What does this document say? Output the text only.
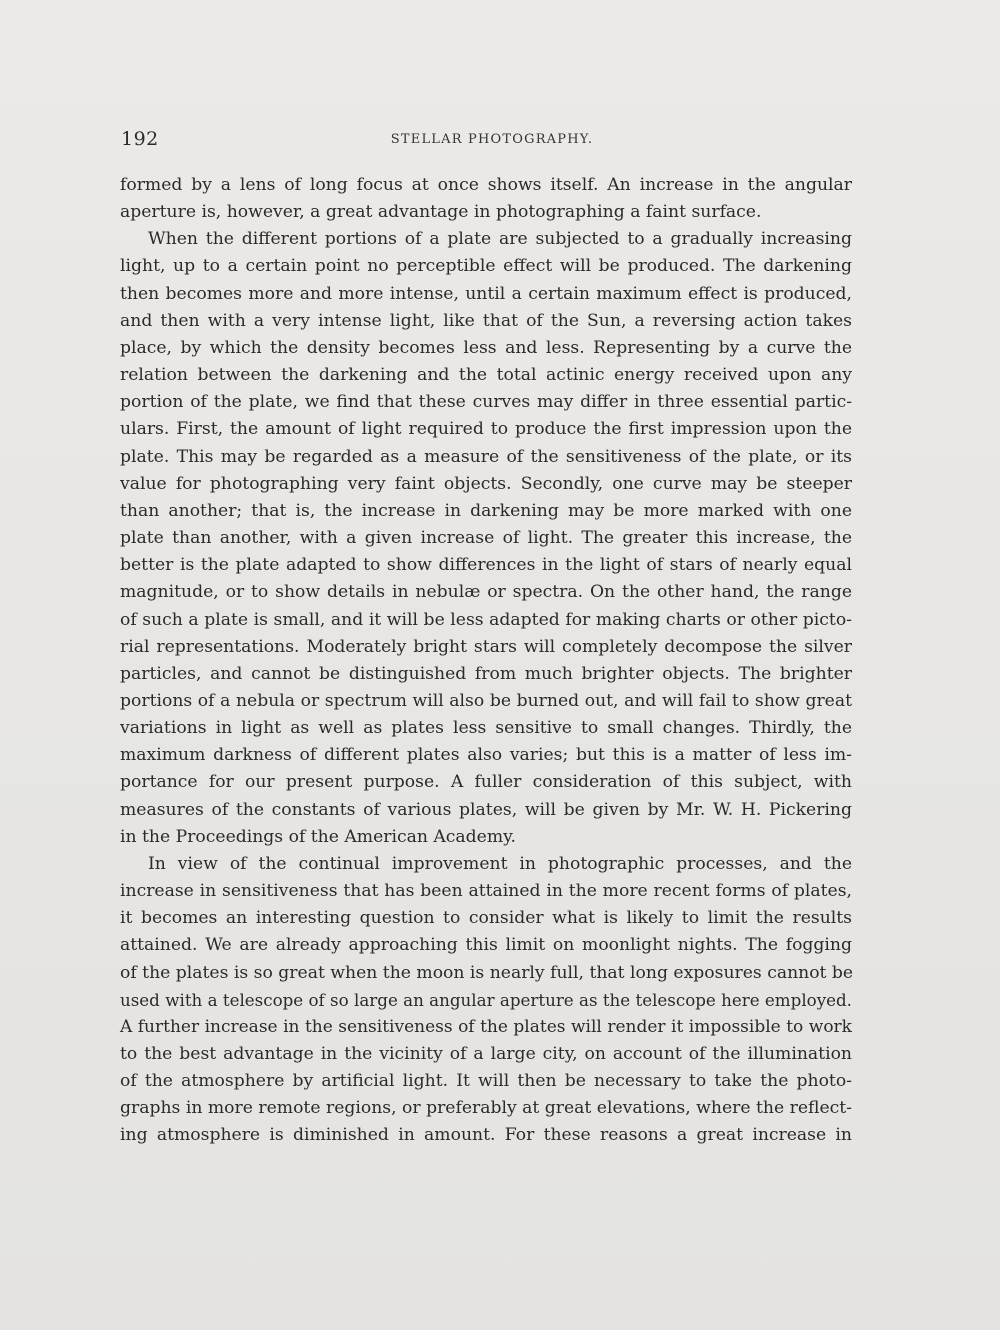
192	STELLAR PHOTOGRAPHY.

formed by a lens of long focus at once shows itself. An increase in the angular

aperture is, however, a great advantage in photographing a faint surface.

When the different portions of a plate are subjected to a gradually increasing

light, up to a certain point no perceptible effect will be produced. The darkening

then becomes more and more intense, until a certain maximum effect is produced,

and then with a very intense light, like that of the Sun, a reversing action takes

place, by which the density becomes less and less. Representing by a curve the

relation between the darkening and the total actinic energy received upon any

portion of the plate, we find that these curves may differ in three essential partic-

ulars. First, the amount of light required to produce the first impression upon the

plate. This may be regarded as a measure of the sensitiveness of the plate, or its

value for photographing very faint objects. Secondly, one curve may be steeper

than another; that is, the increase in darkening may be more marked with one

plate than another, with a given increase of light. The greater this increase, the

better is the plate adapted to show differences in the light of stars of nearly equal

magnitude, or to show details in nebulæ or spectra. On the other hand, the range

of such a plate is small, and it will be less adapted for making charts or other picto-

rial representations. Moderately bright stars will completely decompose the silver

particles, and cannot be distinguished from much brighter objects. The brighter

portions of a nebula or spectrum will also be burned out, and will fail to show great

variations in light as well as plates less sensitive to small changes. Thirdly, the

maximum darkness of different plates also varies; but this is a matter of less im-

portance for our present purpose. A fuller consideration of this subject, with

measures of the constants of various plates, will be given by Mr. W. H. Pickering

in the Proceedings of the American Academy.

In view of the continual improvement in photographic processes, and the

increase in sensitiveness that has been attained in the more recent forms of plates,

it becomes an interesting question to consider what is likely to limit the results

attained. We are already approaching this limit on moonlight nights. The fogging

of the plates is so great when the moon is nearly full, that long exposures cannot be

used with a telescope of so large an angular aperture as the telescope here employed.

A further increase in the sensitiveness of the plates will render it impossible to work

to the best advantage in the vicinity of a large city, on account of the illumination

of the atmosphere by artificial light. It will then be necessary to take the photo-

graphs in more remote regions, or preferably at great elevations, where the reflect-

ing atmosphere is diminished in amount. For these reasons a great increase in
